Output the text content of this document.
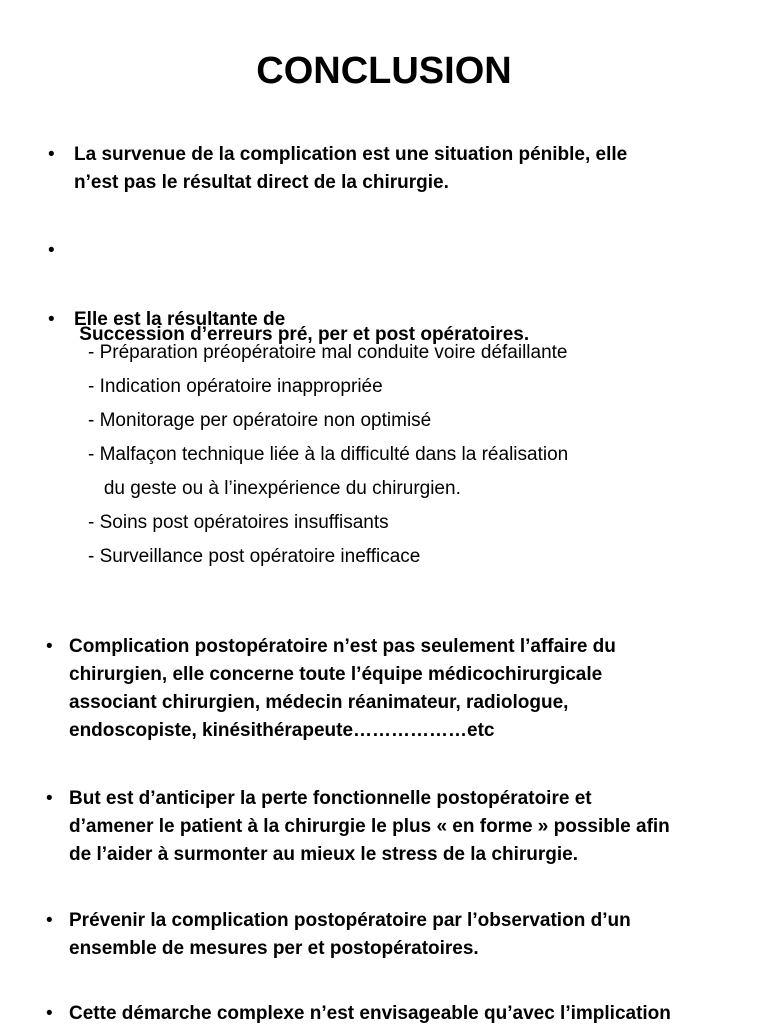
CONCLUSION
• La survenue de la complication est une situation pénible, elle
n’est pas le résultat direct de la chirurgie.

•

Succession d’erreurs pré, per et post opératoires.

• Elle est la résultante de
- Préparation préopératoire mal conduite voire défaillante
- Indication opératoire inappropriée
- Monitorage per opératoire non optimisé
- Malfaçon technique liée à la difficulté dans la réalisation
du geste ou à l’inexpérience du chirurgien.
- Soins post opératoires insuffisants
- Surveillance post opératoire inefficace
• Complication postopératoire n’est pas seulement l’affaire du
chirurgien, elle concerne toute l’équipe médicochirurgicale
associant chirurgien, médecin réanimateur, radiologue,
endoscopiste, kinésithérapeute………………etc
• But est d’anticiper la perte fonctionnelle postopératoire et
d’amener le patient à la chirurgie le plus « en forme » possible afin
de l’aider à surmonter au mieux le stress de la chirurgie.
• Prévenir la complication postopératoire par l’observation d’un
ensemble de mesures per et postopératoires.
• Cette démarche complexe n’est envisageable qu’avec l’implication
